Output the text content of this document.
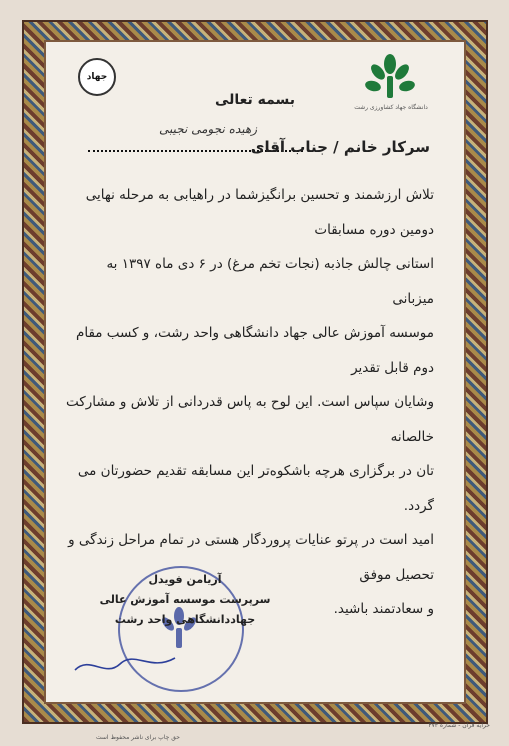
جهاد
دانشگاه جهاد کشاورزی رشت
بسمه تعالی
زهیده نجومی نجیبی
سرکار خانم / جناب آقای

تلاش ارزشمند و تحسین برانگیزشما در راهیابی به مرحله نهایی دومین دوره مسابقات

استانی چالش جاذبه (نجات تخم مرغ) در ۶ دی ماه ۱۳۹۷ به میزبانی

موسسه آموزش عالی جهاد دانشگاهی واحد رشت، و کسب مقام دوم قابل تقدیر

وشایان سپاس است. این لوح به پاس قدردانی از تلاش و مشارکت خالصانه

تان در برگزاری هرچه باشکوه‌تر این مسابقه تقدیم حضورتان می گردد.

امید است در پرتو عنایات پروردگار هستی در تمام مراحل زندگی و تحصیل موفق

و سعادتمند باشید.

آریامن فویدل
سرپرست موسسه آموزش عالی
جهاددانشگاهی واحد رشت
حق چاپ برای ناشر محفوظ است
حرایه قرآن - شماره ۴۷۴
